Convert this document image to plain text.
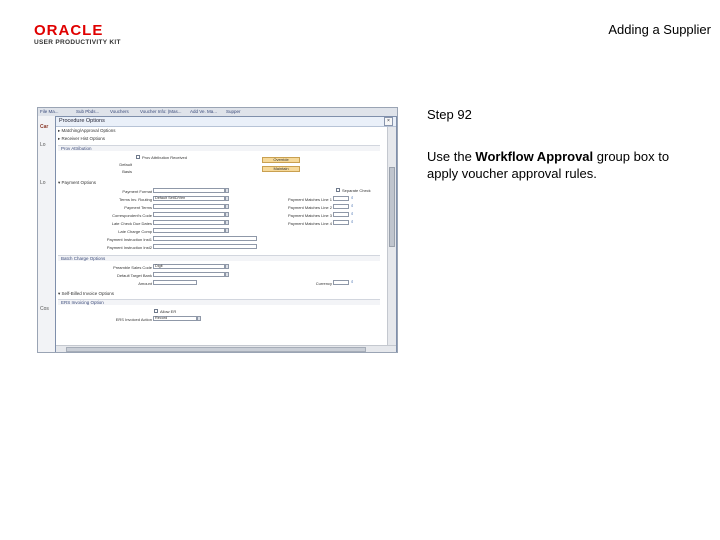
ORACLE
USER PRODUCTIVITY KIT
Adding a Supplier
File Ma...	Sub Pbds... Vouchers Voucher Info: (Mas... Add Ve. Ma... Supper
Car
Lo
Lo
Cos
Procedure Options	×
▸ Matching/Approval Options
▸ Receiver Hist Options
Prov Attribution
Prov Attribution Received
Default
Basis
Override
Maintain
▾ Payment Options
Payment Format
Terms Inv. Routing Default SetID/Ven
Payment Terms
Correspondent's Code
Late Check Due Dates
Late Charge Comp
Payment Instruction Inst1
Payment Instruction Inst2
Separate Check
Payment Matches Line 1	⌕
Payment Matches Line 2	⌕
Payment Matches Line 3	⌕
Payment Matches Line 4	⌕
Batch Charge Options
Preamble Sales Code Digit
Default Target Bank
Amount	Currency	⌕
▾ Self-Billed Invoice Options
ERS Invoicing Option
Allow ER
ERS Invoiced Action Record
Step 92
Use the Workflow Approval group box to apply voucher approval rules.
